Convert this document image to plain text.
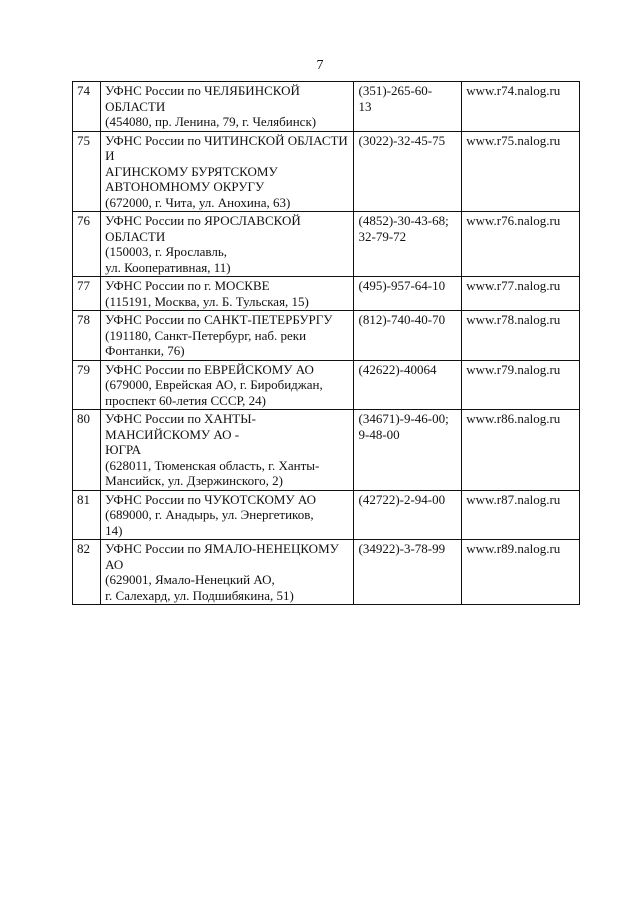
7
74	УФНС России по ЧЕЛЯБИНСКОЙ
ОБЛАСТИ
(454080, пр. Ленина, 79, г. Челябинск)	(351)-265-60-
13	www.r74.nalog.ru
75	УФНС России по ЧИТИНСКОЙ ОБЛАСТИ
И
АГИНСКОМУ БУРЯТСКОМУ
АВТОНОМНОМУ ОКРУГУ
(672000, г. Чита, ул. Анохина, 63)	(3022)-32-45-75	www.r75.nalog.ru
76	УФНС России по ЯРОСЛАВСКОЙ
ОБЛАСТИ
(150003, г. Ярославль,
ул. Кооперативная, 11)	(4852)-30-43-68;
32-79-72	www.r76.nalog.ru
77	УФНС России по г. МОСКВЕ
(115191, Москва, ул. Б. Тульская, 15)	(495)-957-64-10	www.r77.nalog.ru
78	УФНС России по САНКТ-ПЕТЕРБУРГУ
(191180, Санкт-Петербург, наб. реки
Фонтанки, 76)	(812)-740-40-70	www.r78.nalog.ru
79	УФНС России по ЕВРЕЙСКОМУ АО
(679000, Еврейская АО, г. Биробиджан,
проспект 60-летия СССР, 24)	(42622)-40064	www.r79.nalog.ru
80	УФНС России по ХАНТЫ-
МАНСИЙСКОМУ АО -
ЮГРА
(628011, Тюменская область, г. Ханты-
Мансийск, ул. Дзержинского, 2)	(34671)-9-46-00;
9-48-00	www.r86.nalog.ru
81	УФНС России по ЧУКОТСКОМУ АО
(689000, г. Анадырь, ул. Энергетиков,
14)	(42722)-2-94-00	www.r87.nalog.ru
82	УФНС России по ЯМАЛО-НЕНЕЦКОМУ
АО
(629001, Ямало-Ненецкий АО,
г. Салехард, ул. Подшибякина, 51)	(34922)-3-78-99	www.r89.nalog.ru
